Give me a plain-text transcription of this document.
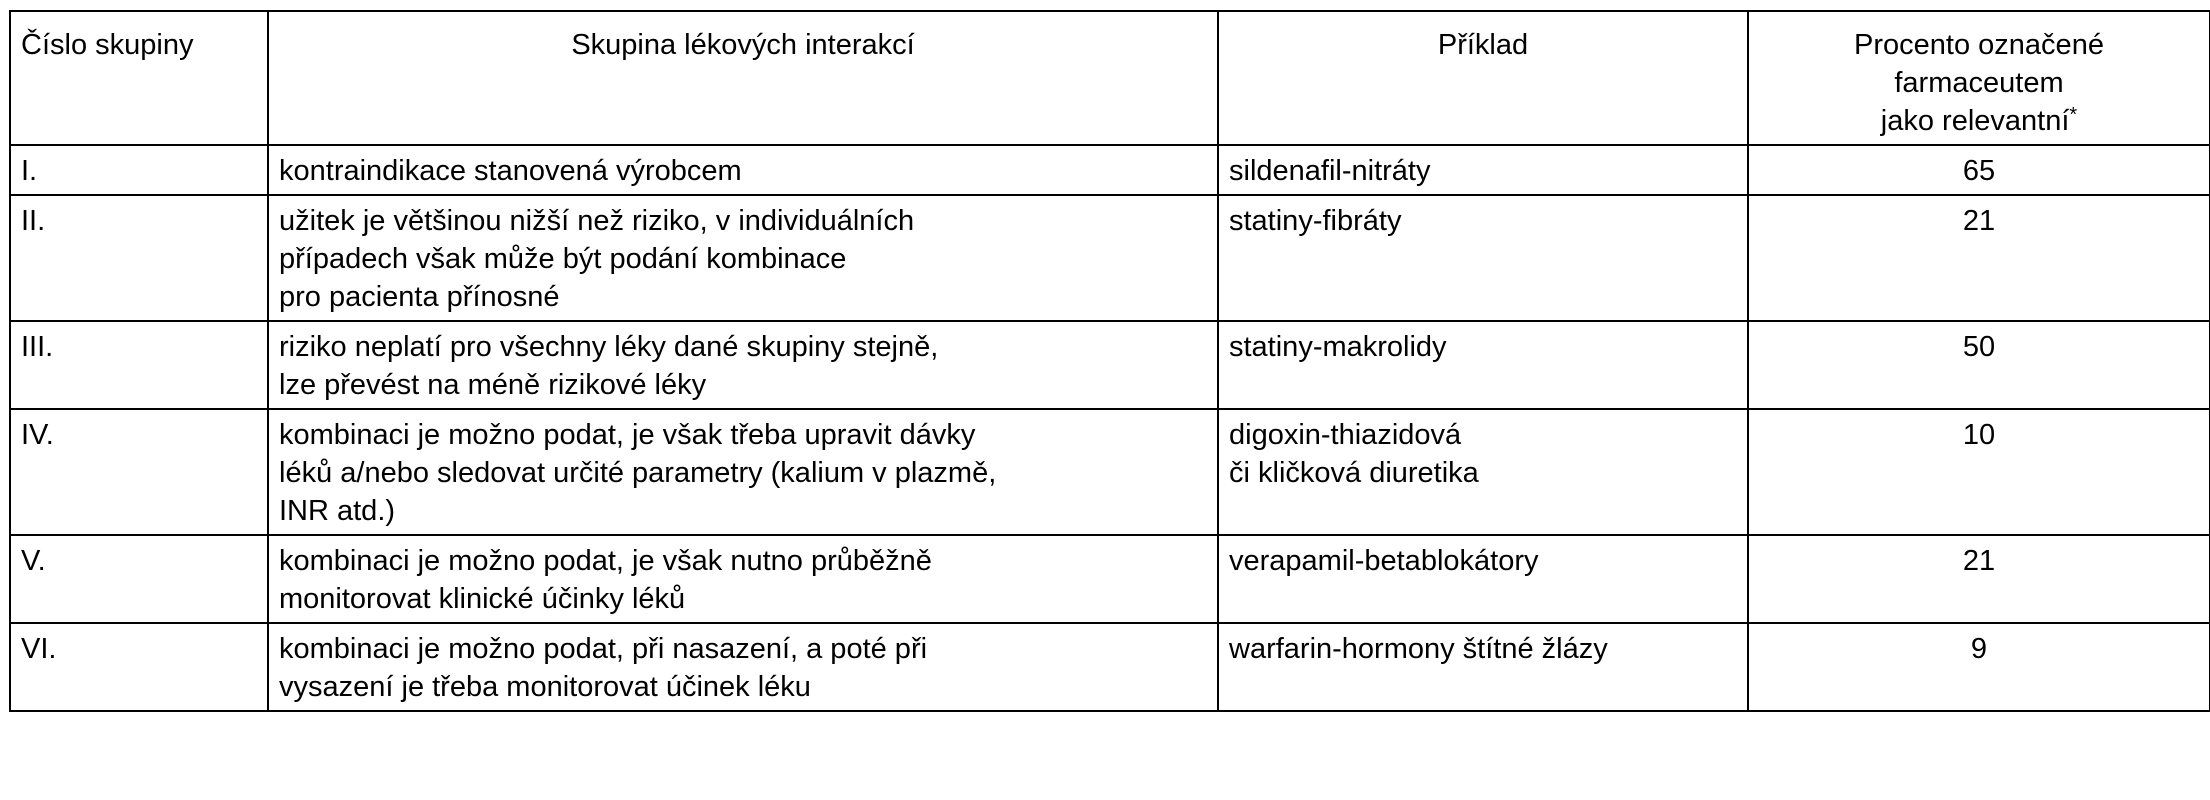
Číslo skupiny	Skupina lékových interakcí	Příklad	Procento označené
farmaceutem
jako relevantní*
I.	kontraindikace stanovená výrobcem	sildenafil-nitráty	65
II.	užitek je většinou nižší než riziko, v individuálních
případech však může být podání kombinace
pro pacienta přínosné	statiny-fibráty	21
III.	riziko neplatí pro všechny léky dané skupiny stejně,
lze převést na méně rizikové léky	statiny-makrolidy	50
IV.	kombinaci je možno podat, je však třeba upravit dávky
léků a/nebo sledovat určité parametry (kalium v plazmě,
INR atd.)	digoxin-thiazidová
či kličková diuretika	10
V.	kombinaci je možno podat, je však nutno průběžně
monitorovat klinické účinky léků	verapamil-betablokátory	21
VI.	kombinaci je možno podat, při nasazení, a poté při
vysazení je třeba monitorovat účinek léku	warfarin-hormony štítné žlázy	9
